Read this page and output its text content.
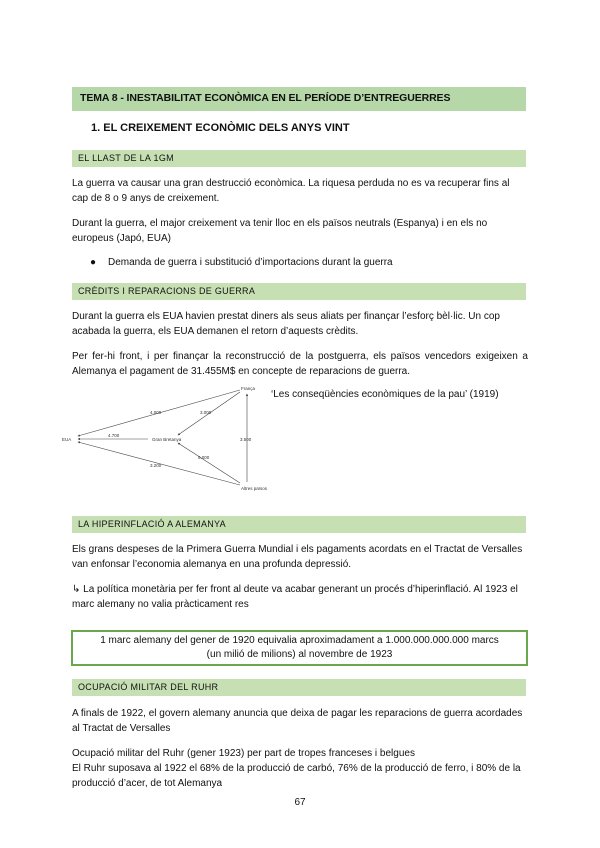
TEMA 8 - INESTABILITAT ECONÒMICA EN EL PERÍODE D’ENTREGUERRES
1. EL CREIXEMENT ECONÒMIC DELS ANYS VINT
EL LLAST DE LA 1GM
La guerra va causar una gran destrucció econòmica. La riquesa perduda no es va recuperar fins al cap de 8 o 9 anys de creixement.
Durant la guerra, el major creixement va tenir lloc en els països neutrals (Espanya) i en els no europeus (Japó, EUA)
● Demanda de guerra i substitució d’importacions durant la guerra
CRÈDITS I REPARACIONS DE GUERRA
Durant la guerra els EUA havien prestat diners als seus aliats per finançar l’esforç bèl·lic. Un cop acabada la guerra, els EUA demanen el retorn d’aquests crèdits.
Per fer-hi front, i per finançar la reconstrucció de la postguerra, els països vencedors exigeixen a Alemanya el pagament de 31.455M$ en concepte de reparacions de guerra.
EUA	Gran Bretanya
França
Altres països
4.000
4.700
3.000
3.500
3.200
5.000
‘Les conseqüències econòmiques de la pau’ (1919)
LA HIPERINFLACIÓ A ALEMANYA
Els grans despeses de la Primera Guerra Mundial i els pagaments acordats en el Tractat de Versalles van enfonsar l’economia alemanya en una profunda depressió.
↳ La política monetària per fer front al deute va acabar generant un procés d’hiperinflació. Al 1923 el marc alemany no valia pràcticament res
1 marc alemany del gener de 1920 equivalia aproximadament a 1.000.000.000.000 marcs
(un milió de milions) al novembre de 1923
OCUPACIÓ MILITAR DEL RUHR
A finals de 1922, el govern alemany anuncia que deixa de pagar les reparacions de guerra acordades al Tractat de Versalles
Ocupació militar del Ruhr (gener 1923) per part de tropes franceses i belgues
El Ruhr suposava al 1922 el 68% de la producció de carbó, 76% de la producció de ferro, i 80% de la producció d’acer, de tot Alemanya
67
